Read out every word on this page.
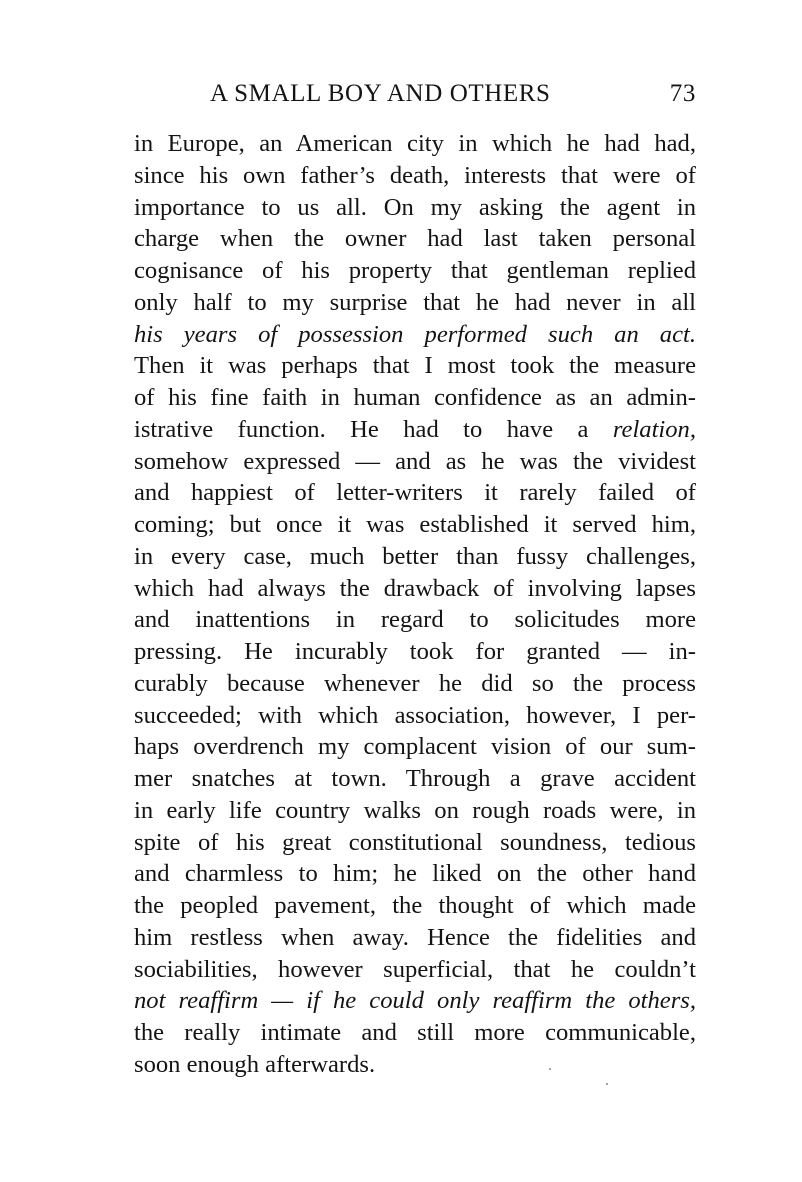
A SMALL BOY AND OTHERS	73
in Europe, an American city in which he had had,
since his own father’s death, interests that were of
importance to us all. On my asking the agent in
charge when the owner had last taken personal
cognisance of his property that gentleman replied
only half to my surprise that he had never in all
his years of possession performed such an act.
Then it was perhaps that I most took the measure
of his fine faith in human confidence as an admin-
istrative function. He had to have a relation,
somehow expressed — and as he was the vividest
and happiest of letter-writers it rarely failed of
coming; but once it was established it served him,
in every case, much better than fussy challenges,
which had always the drawback of involving lapses
and inattentions in regard to solicitudes more
pressing. He incurably took for granted — in-
curably because whenever he did so the process
succeeded; with which association, however, I per-
haps overdrench my complacent vision of our sum-
mer snatches at town. Through a grave accident
in early life country walks on rough roads were, in
spite of his great constitutional soundness, tedious
and charmless to him; he liked on the other hand
the peopled pavement, the thought of which made
him restless when away. Hence the fidelities and
sociabilities, however superficial, that he couldn’t
not reaffirm — if he could only reaffirm the others,
the really intimate and still more communicable,
soon enough afterwards.
